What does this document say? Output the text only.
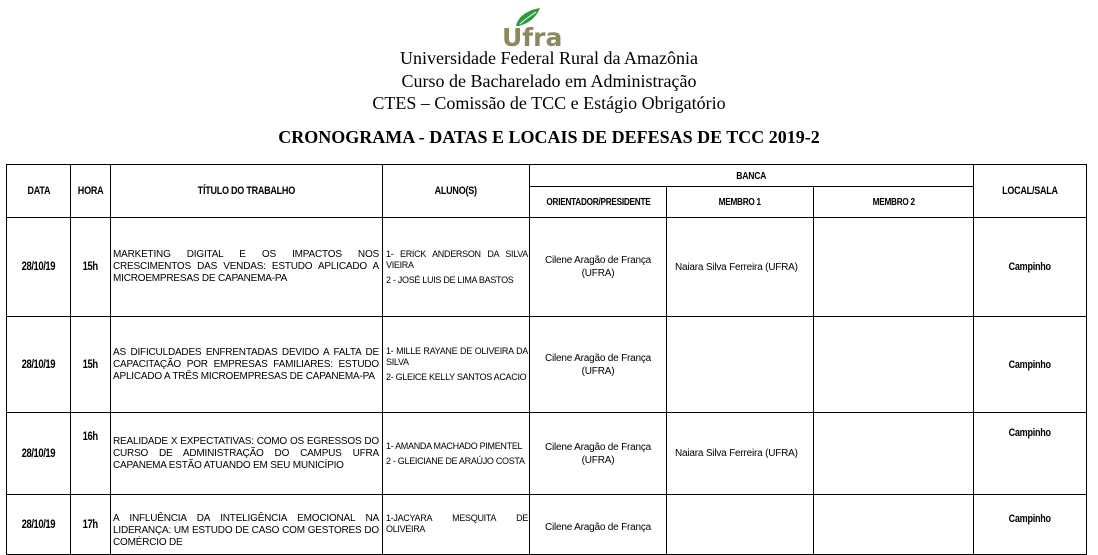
Ufra
Universidade Federal Rural da Amazônia
Curso de Bacharelado em Administração
CTES – Comissão de TCC e Estágio Obrigatório
CRONOGRAMA - DATAS E LOCAIS DE DEFESAS DE TCC 2019-2
DATA	HORA	TÍTULO DO TRABALHO	ALUNO(S)	BANCA			LOCAL/SALA
				ORIENTADOR/PRESIDENTE	MEMBRO 1	MEMBRO 2	
28/10/19	15h	MARKETING DIGITAL E OS IMPACTOS NOS CRESCIMENTOS DAS VENDAS: ESTUDO APLICADO A MICROEMPRESAS DE CAPANEMA-PA	1- ERICK ANDERSON DA SILVA VIEIRA
2 - JOSÉ LUIS DE LIMA BASTOS	Cilene Aragão de França (UFRA)	Naiara Silva Ferreira (UFRA)		Campinho
28/10/19	15h	AS DIFICULDADES ENFRENTADAS DEVIDO A FALTA DE CAPACITAÇÃO POR EMPRESAS FAMILIARES: ESTUDO APLICADO A TRÊS MICROEMPRESAS DE CAPANEMA-PA	1- MILLE RAYANE DE OLIVEIRA DA SILVA
2- GLEICE KELLY SANTOS ACACIO	Cilene Aragão de França (UFRA)			Campinho
28/10/19	16h	REALIDADE X EXPECTATIVAS: COMO OS EGRESSOS DO CURSO DE ADMINISTRAÇÃO DO CAMPUS UFRA CAPANEMA ESTÃO ATUANDO EM SEU MUNICÍPIO	1- AMANDA MACHADO PIMENTEL
2 - GLEICIANE DE ARAÚJO COSTA	Cilene Aragão de França (UFRA)	Naiara Silva Ferreira (UFRA)		Campinho
28/10/19	17h	A INFLUÊNCIA DA INTELIGÊNCIA EMOCIONAL NA LIDERANÇA: UM ESTUDO DE CASO COM GESTORES DO COMÉRCIO DE	1-JACYARA MESQUITA DE OLIVEIRA	Cilene Aragão de França			Campinho
